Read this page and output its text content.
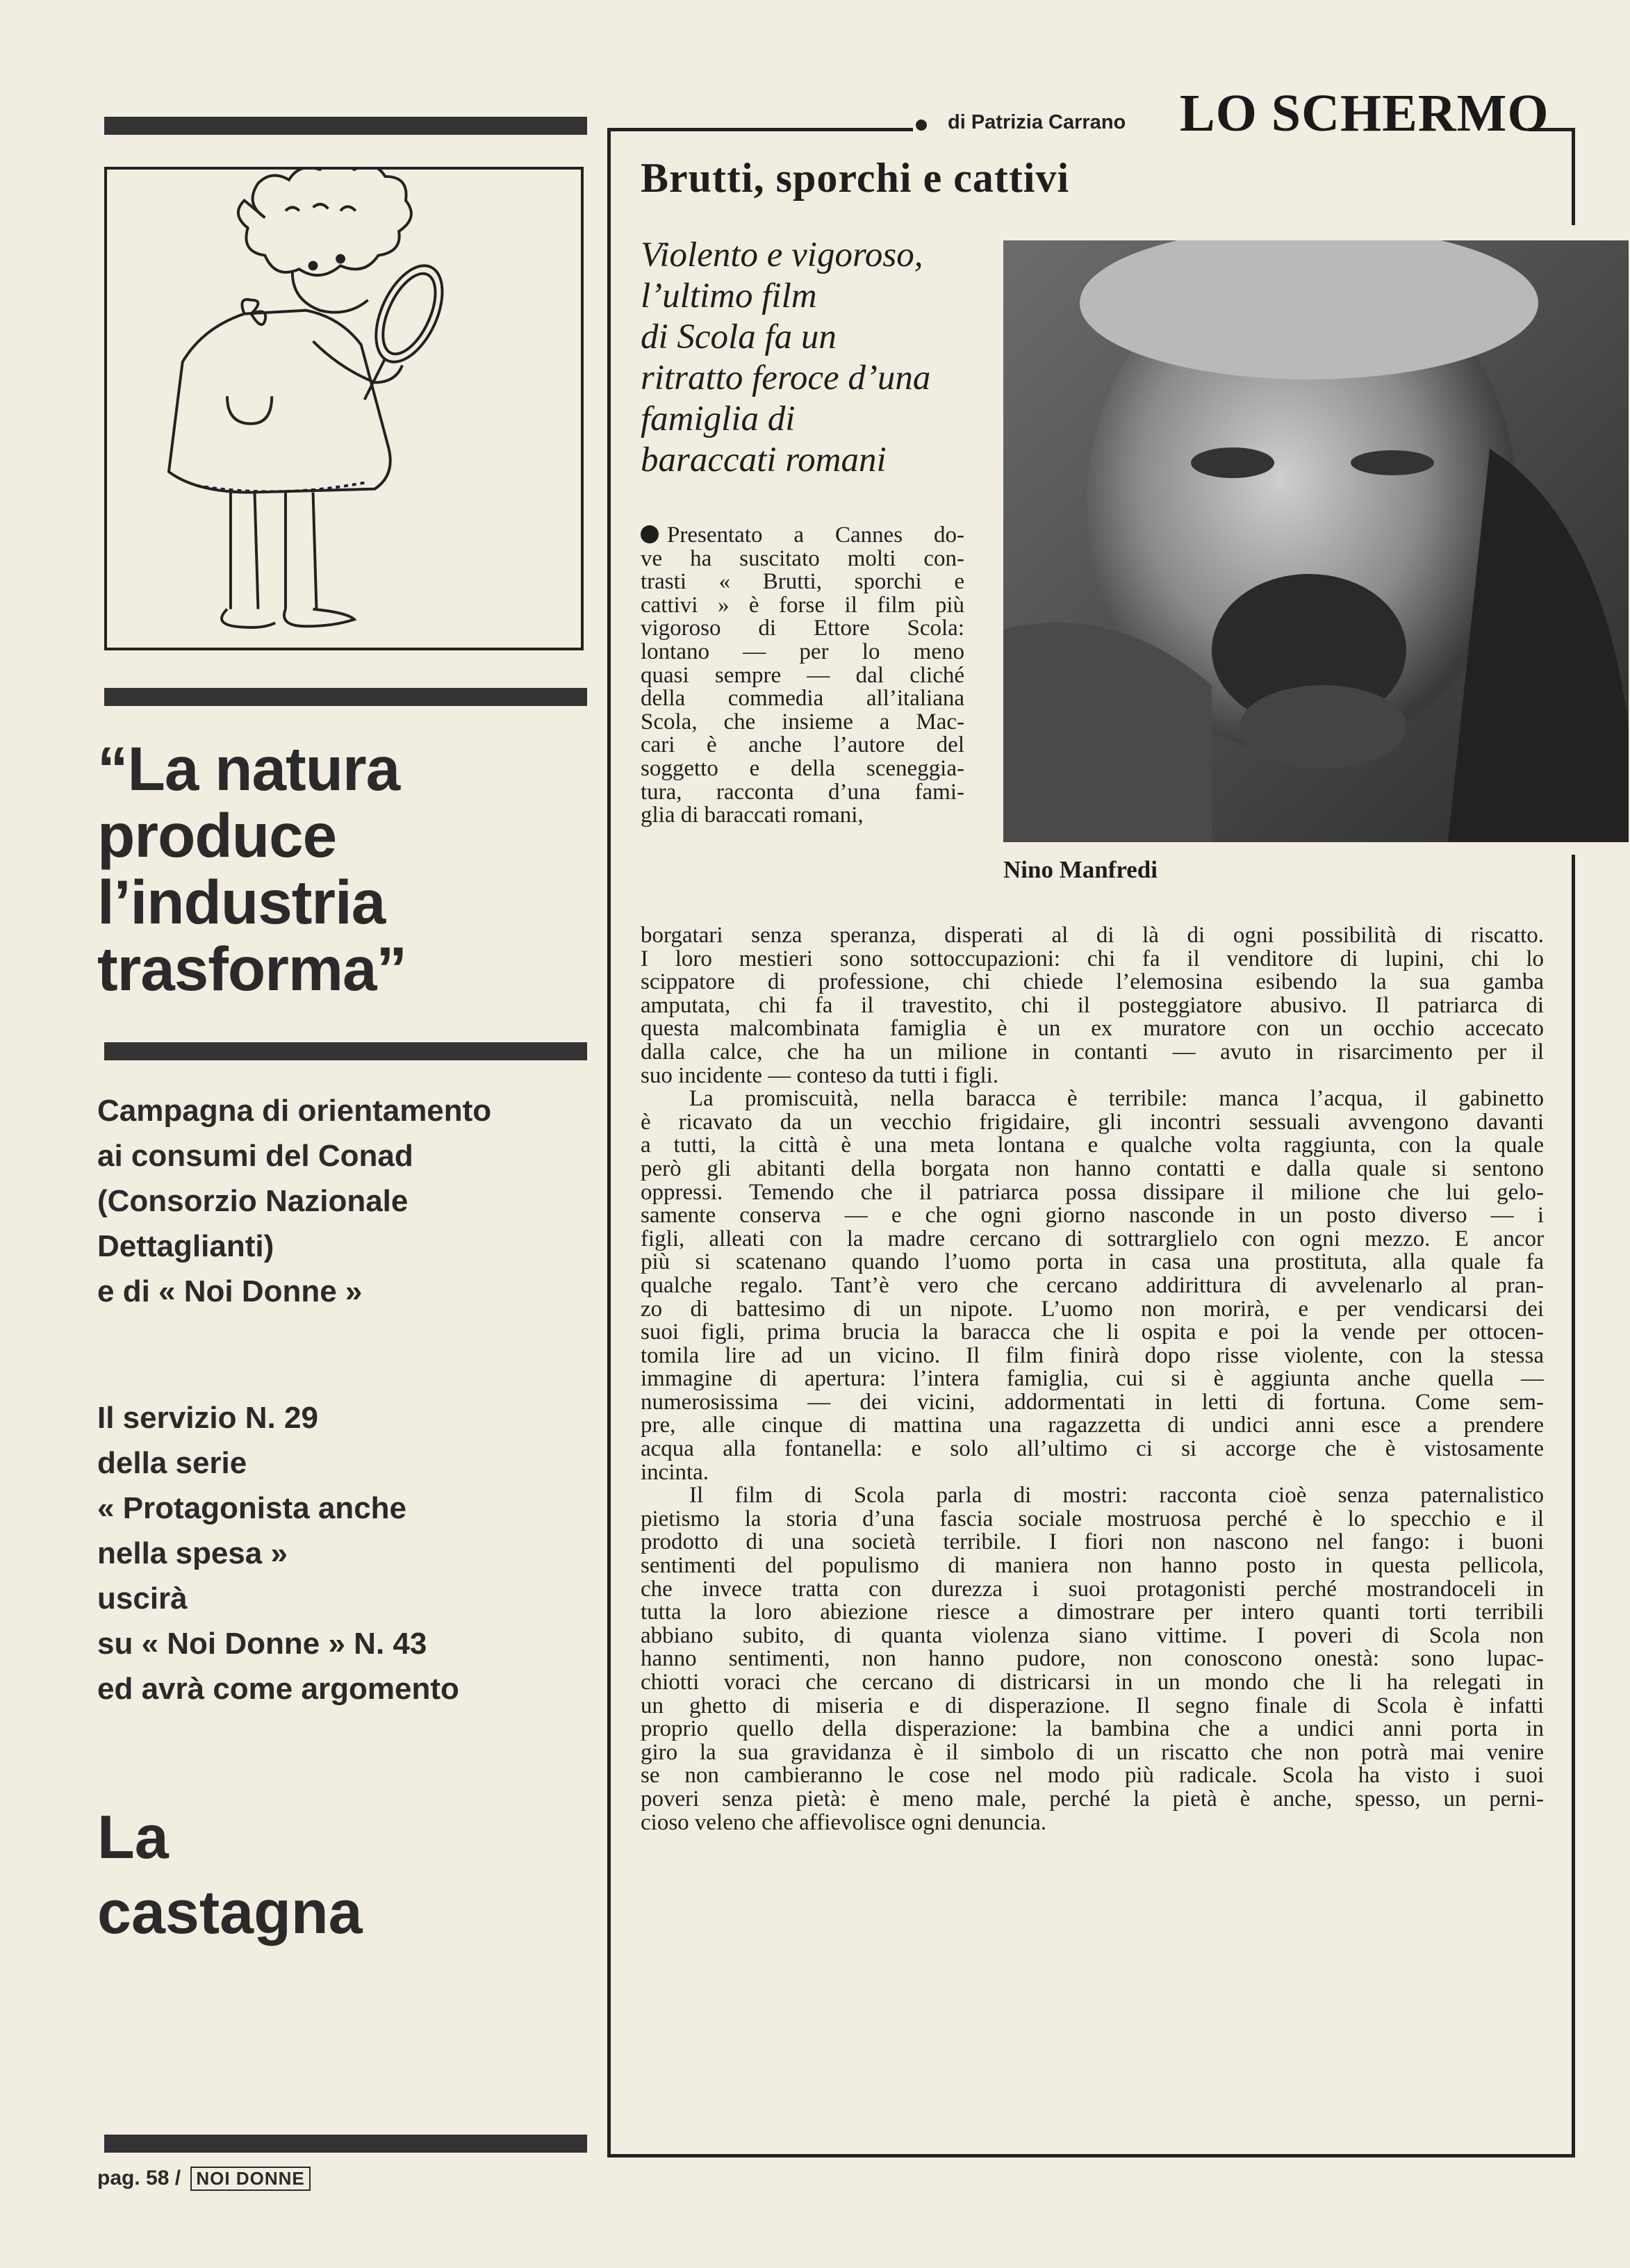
“La natura
produce
l’industria
trasforma”
Campagna di orientamento
ai consumi del Conad
(Consorzio Nazionale
Dettaglianti)
e di « Noi Donne »
Il servizio N. 29
della serie
« Protagonista anche
nella spesa »
uscirà
su « Noi Donne » N. 43
ed avrà come argomento
La
castagna
pag. 58 / NOI DONNE
di Patrizia Carrano LO SCHERMO
Brutti, sporchi e cattivi
Violento e vigoroso,
l’ultimo film
di Scola fa un
ritratto feroce d’una
famiglia di
baraccati romani
Nino Manfredi
Presentato a Cannes do-
ve ha suscitato molti con-
trasti « Brutti, sporchi e
cattivi » è forse il film più
vigoroso di Ettore Scola:
lontano — per lo meno
quasi sempre — dal cliché
della commedia all’italiana
Scola, che insieme a Mac-
cari è anche l’autore del
soggetto e della sceneggia-
tura, racconta d’una fami-
glia di baraccati romani,
borgatari senza speranza, disperati al di là di ogni possibilità di riscatto.
I loro mestieri sono sottoccupazioni: chi fa il venditore di lupini, chi lo
scippatore di professione, chi chiede l’elemosina esibendo la sua gamba
amputata, chi fa il travestito, chi il posteggiatore abusivo. Il patriarca di
questa malcombinata famiglia è un ex muratore con un occhio accecato
dalla calce, che ha un milione in contanti — avuto in risarcimento per il
suo incidente — conteso da tutti i figli.
La promiscuità, nella baracca è terribile: manca l’acqua, il gabinetto
è ricavato da un vecchio frigidaire, gli incontri sessuali avvengono davanti
a tutti, la città è una meta lontana e qualche volta raggiunta, con la quale
però gli abitanti della borgata non hanno contatti e dalla quale si sentono
oppressi. Temendo che il patriarca possa dissipare il milione che lui gelo-
samente conserva — e che ogni giorno nasconde in un posto diverso — i
figli, alleati con la madre cercano di sottrarglielo con ogni mezzo. E ancor
più si scatenano quando l’uomo porta in casa una prostituta, alla quale fa
qualche regalo. Tant’è vero che cercano addirittura di avvelenarlo al pran-
zo di battesimo di un nipote. L’uomo non morirà, e per vendicarsi dei
suoi figli, prima brucia la baracca che li ospita e poi la vende per ottocen-
tomila lire ad un vicino. Il film finirà dopo risse violente, con la stessa
immagine di apertura: l’intera famiglia, cui si è aggiunta anche quella —
numerosissima — dei vicini, addormentati in letti di fortuna. Come sem-
pre, alle cinque di mattina una ragazzetta di undici anni esce a prendere
acqua alla fontanella: e solo all’ultimo ci si accorge che è vistosamente
incinta.
Il film di Scola parla di mostri: racconta cioè senza paternalistico
pietismo la storia d’una fascia sociale mostruosa perché è lo specchio e il
prodotto di una società terribile. I fiori non nascono nel fango: i buoni
sentimenti del populismo di maniera non hanno posto in questa pellicola,
che invece tratta con durezza i suoi protagonisti perché mostrandoceli in
tutta la loro abiezione riesce a dimostrare per intero quanti torti terribili
abbiano subito, di quanta violenza siano vittime. I poveri di Scola non
hanno sentimenti, non hanno pudore, non conoscono onestà: sono lupac-
chiotti voraci che cercano di districarsi in un mondo che li ha relegati in
un ghetto di miseria e di disperazione. Il segno finale di Scola è infatti
proprio quello della disperazione: la bambina che a undici anni porta in
giro la sua gravidanza è il simbolo di un riscatto che non potrà mai venire
se non cambieranno le cose nel modo più radicale. Scola ha visto i suoi
poveri senza pietà: è meno male, perché la pietà è anche, spesso, un perni-
cioso veleno che affievolisce ogni denuncia.
